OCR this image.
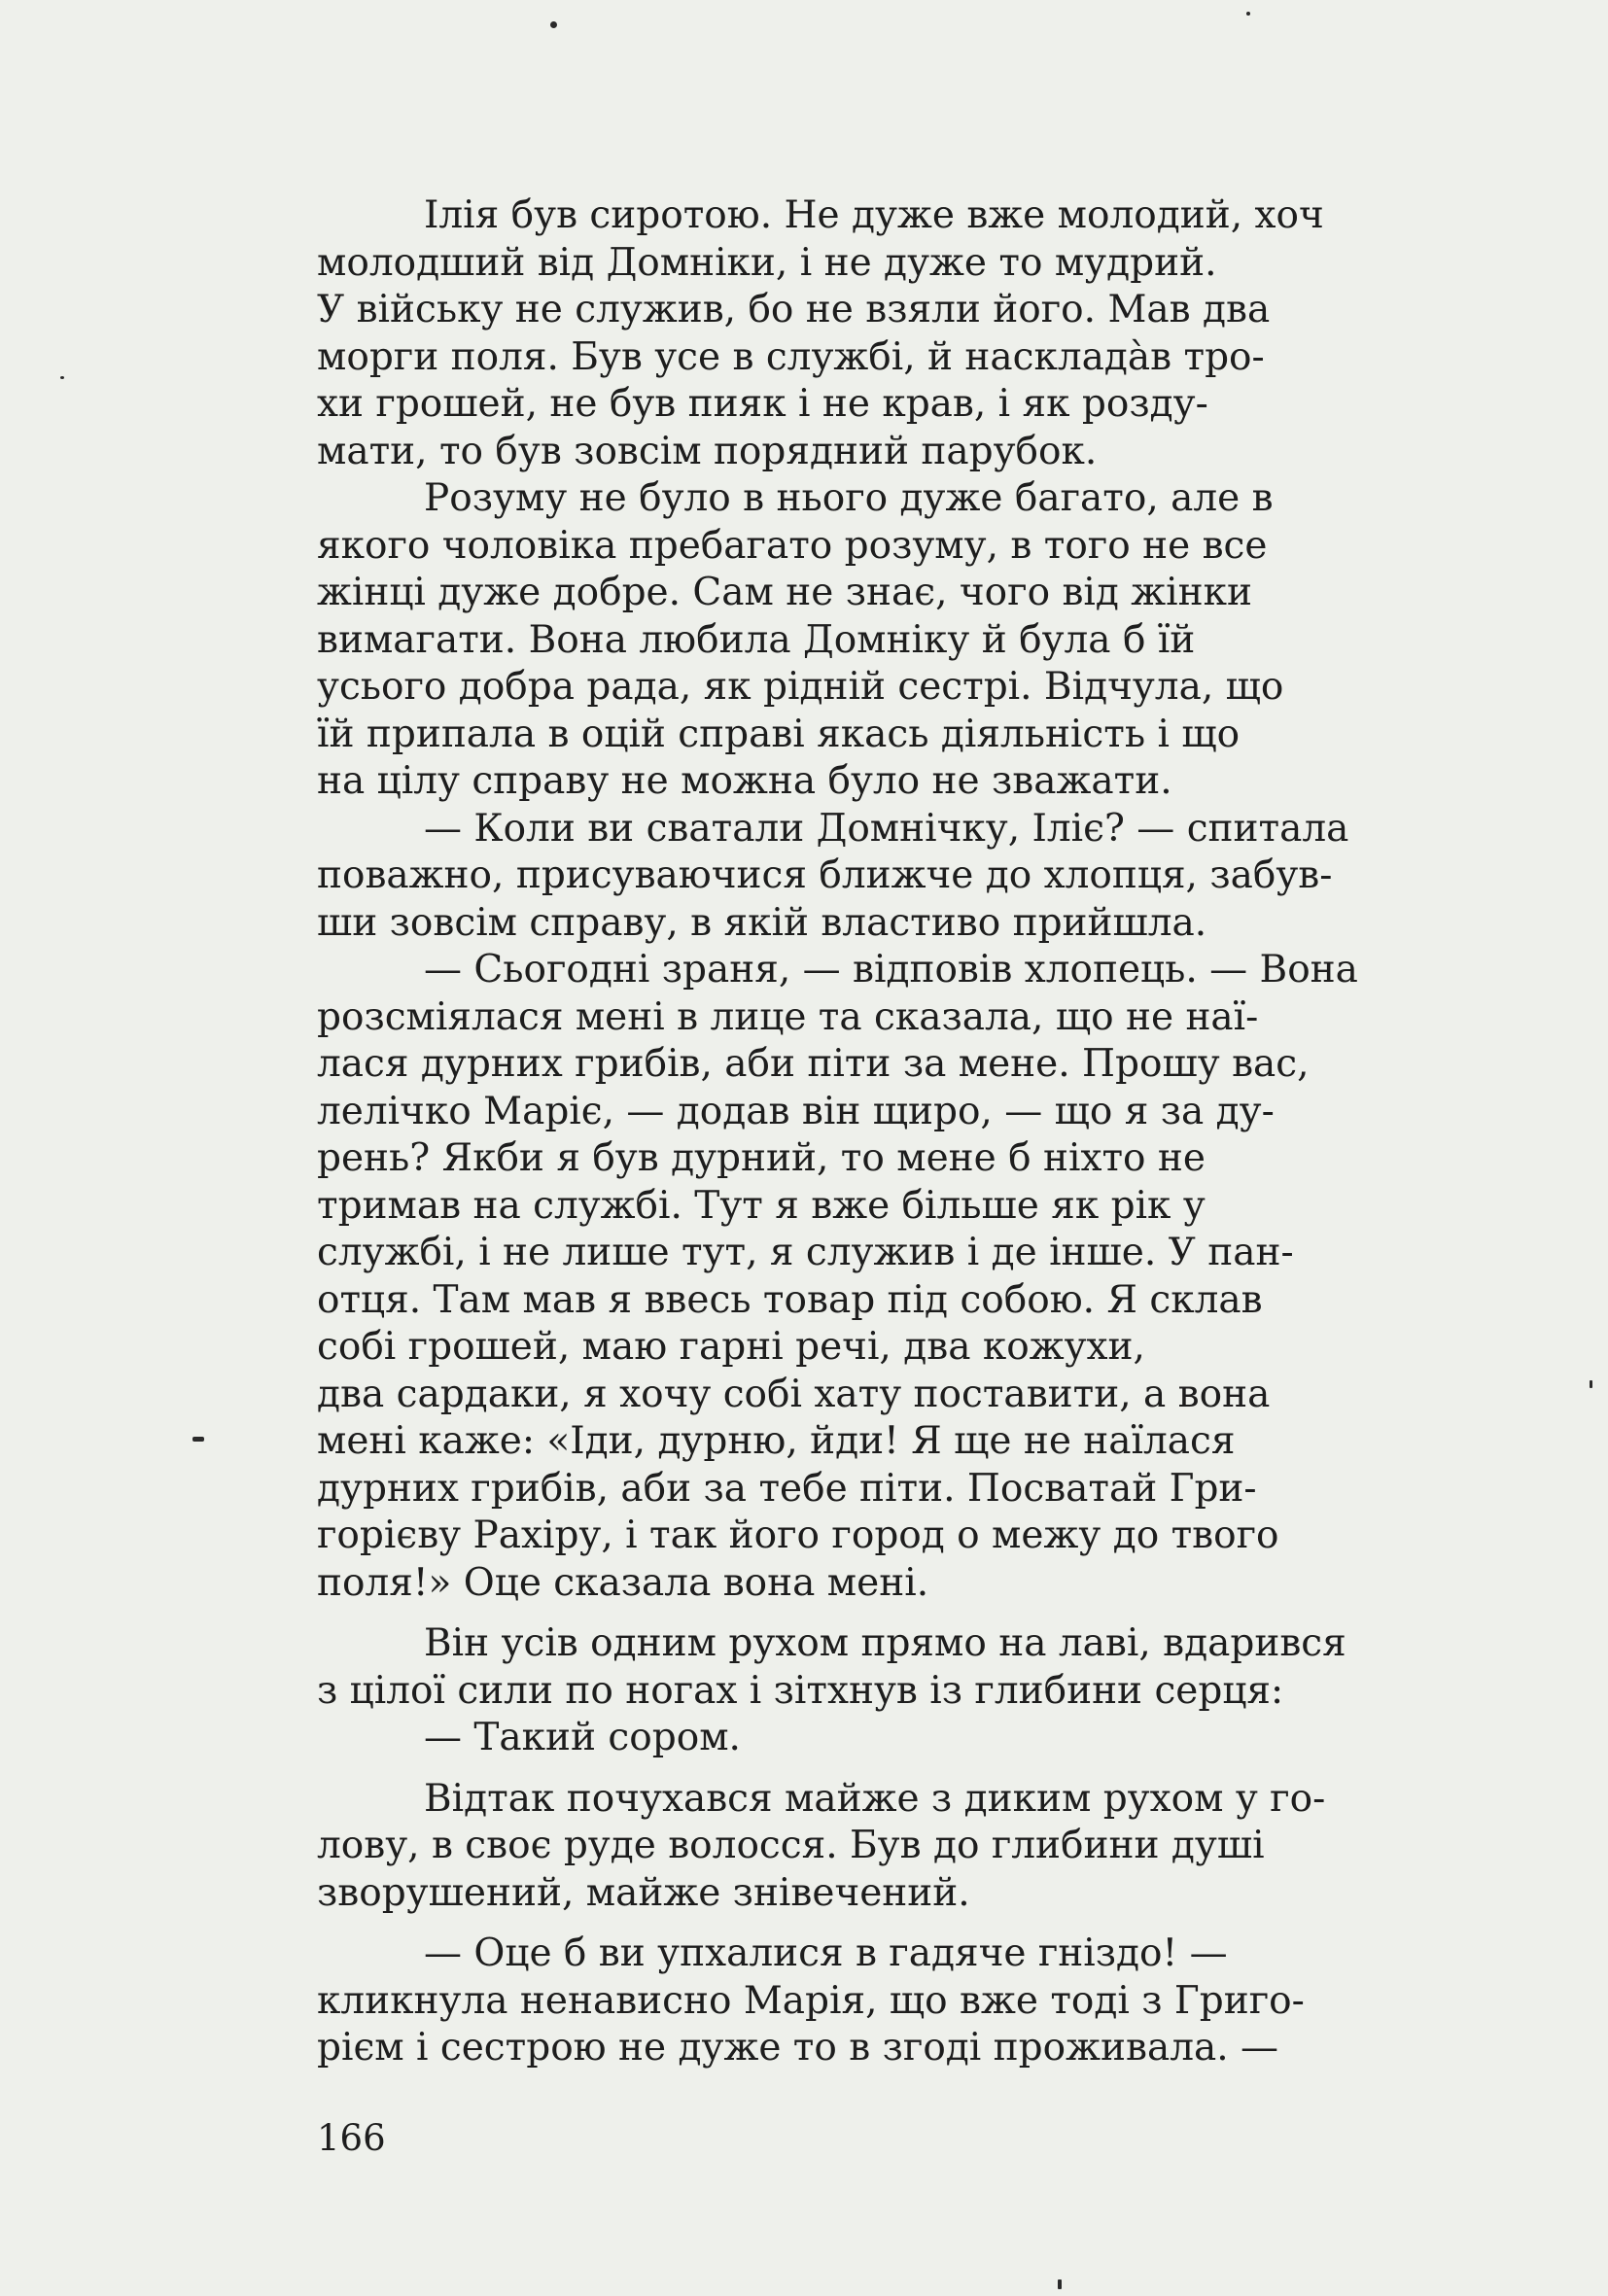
Ілія був сиротою. Не дуже вже молодий, хоч
молодший від Домніки, і не дуже то мудрий.
У війську не служив, бо не взяли його. Мав два
морги поля. Був усе в службі, й насклада̀в тро-
хи грошей, не був пияк і не крав, і як розду-
мати, то був зовсім порядний парубок.

Розуму не було в нього дуже багато, але в
якого чоловіка пребагато розуму, в того не все
жінці дуже добре. Сам не знає, чого від жінки
вимагати. Вона любила Домніку й була б їй
усього добра рада, як рідній сестрі. Відчула, що
їй припала в оцій справі якась діяльність і що
на цілу справу не можна було не зважати.

— Коли ви сватали Домнічку, Іліє? — спитала
поважно, присуваючися ближче до хлопця, забув-
ши зовсім справу, в якій властиво прийшла.

— Сьогодні зраня, — відповів хлопець. — Вона
розсміялася мені в лице та сказала, що не наї-
лася дурних грибів, аби піти за мене. Прошу вас,
лелічко Маріє, — додав він щиро, — що я за ду-
рень? Якби я був дурний, то мене б ніхто не
тримав на службі. Тут я вже більше як рік у
службі, і не лише тут, я служив і де інше. У пан-
отця. Там мав я ввесь товар під собою. Я склав
собі грошей, маю гарні речі, два кожухи,
два сардаки, я хочу собі хату поставити, а вона
мені каже: «Іди, дурню, йди! Я ще не наїлася
дурних грибів, аби за тебе піти. Посватай Гри-
горієву Рахіру, і так його город о межу до твого
поля!» Оце сказала вона мені.

Він усів одним рухом прямо на лаві, вдарився
з цілої сили по ногах і зітхнув із глибини серця:

— Такий сором.

Відтак почухався майже з диким рухом у го-
лову, в своє руде волосся. Був до глибини душі
зворушений, майже знівечений.

— Оце б ви упхалися в гадяче гніздо! —
кликнула ненависно Марія, що вже тоді з Григо-
рієм і сестрою не дуже то в згоді проживала. —

166
